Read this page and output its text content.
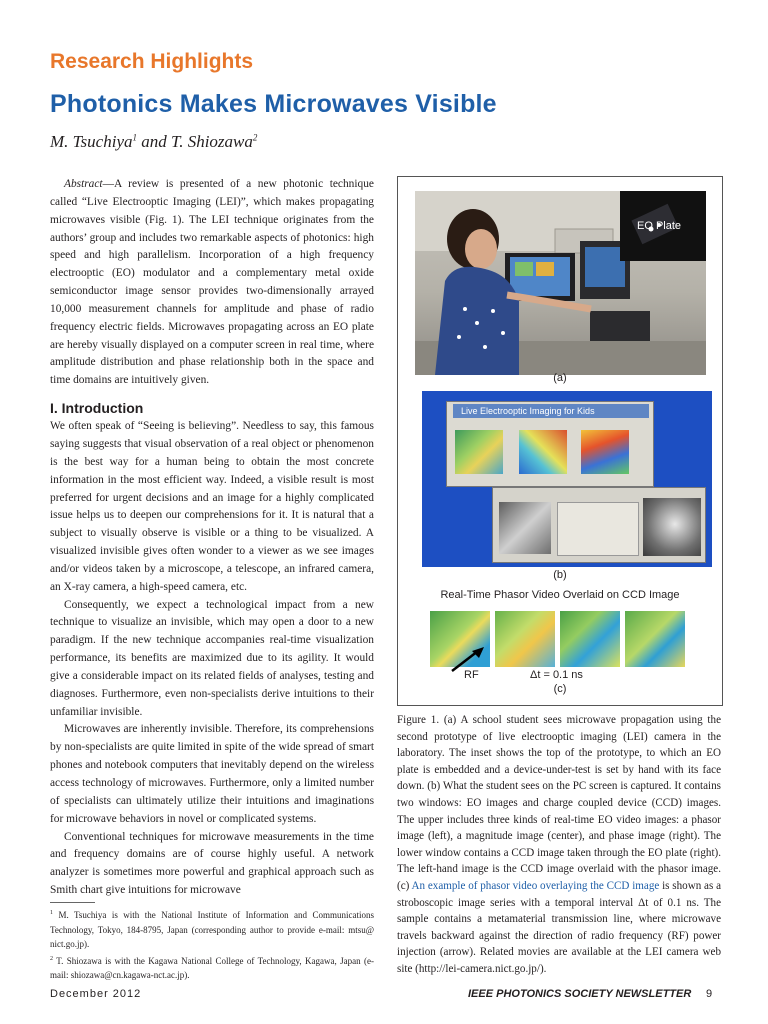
Research Highlights
Photonics Makes Microwaves Visible
M. Tsuchiya$^1$ and T. Shiozawa$^2$

Abstract—A review is presented of a new photonic technique called “Live Electrooptic Imaging (LEI)”, which makes propagating microwaves visible (Fig. 1). The LEI technique originates from the authors’ group and includes two remarkable aspects of photonics: high speed and high parallelism. Incorporation of a high frequency electrooptic (EO) modulator and a complementary metal oxide semiconductor image sensor provides two-dimensionally arrayed 10,000 measurement channels for amplitude and phase of radio frequency electric fields. Microwaves propagating across an EO plate are hereby visually displayed on a computer screen in real time, where amplitude distribution and phase relationship both in the space and time domains are intuitively given.

I. Introduction

We often speak of “Seeing is believing”. Needless to say, this famous saying suggests that visual observation of a real object or phenomenon is the best way for a human being to obtain the most concrete information in the most efficient way. Indeed, a visible result is most preferred for urgent decisions and an image for a highly complicated issue helps us to deepen our comprehensions for it. It is natural that a subject to visually observe is visible or a thing to be visualized. A visualized invisible gives often wonder to a viewer as we see images and/or videos taken by a microscope, a telescope, an infrared camera, an X-ray camera, a high-speed camera, etc.

Consequently, we expect a technological impact from a new technique to visualize an invisible, which may open a door to a new paradigm. If the new technique accompanies real-time visualization performance, its benefits are maximized due to its agility. It would give a considerable impact on its related fields of analyses, testing and diagnoses. Furthermore, even non-specialists derive intuitions to their unfamiliar invisible.

Microwaves are inherently invisible. Therefore, its comprehensions by non-specialists are quite limited in spite of the wide spread of smart phones and notebook computers that inevitably depend on the wireless access technology of microwaves. Furthermore, only a limited number of specialists can ultimately utilize their intuitions and imaginations for microwave behaviors in novel or complicated systems.

Conventional techniques for microwave measurements in the time and frequency domains are of course highly useful. A network analyzer is sometimes more powerful and graphical approach such as Smith chart give intuitions for microwave

$^1$ M. Tsuchiya is with the National Institute of Information and Communications Technology, Tokyo, 184-8795, Japan (corresponding author to provide e-mail: mtsu@ nict.go.jp).
$^2$ T. Shiozawa is with the Kagawa National College of Technology, Kagawa, Japan (e-mail: shiozawa@cn.kagawa-nct.ac.jp).
EO Plate
(a)
Live Electrooptic Imaging for Kids
(b)
Real-Time Phasor Video Overlaid on CCD Image
RF	Δt = 0.1 ns
(c)
Figure 1. (a) A school student sees microwave propagation using the second prototype of live electrooptic imaging (LEI) camera in the laboratory. The inset shows the top of the prototype, to which an EO plate is embedded and a device-under-test is set by hand with its face down. (b) What the student sees on the PC screen is captured. It contains two windows: EO images and charge coupled device (CCD) images. The upper includes three kinds of real-time EO video images: a phasor image (left), a magnitude image (center), and phase image (right). The lower window contains a CCD image taken through the EO plate (right). The left-hand image is the CCD image overlaid with the phasor image. (c) An example of phasor video overlaying the CCD image is shown as a stroboscopic image series with a temporal interval Δt of 0.1 ns. The sample contains a metamaterial transmission line, where microwave travels backward against the direction of radio frequency (RF) power injection (arrow). Related movies are available at the LEI camera web site (http://lei-camera.nict.go.jp/).
December 2012	IEEE PHOTONICS SOCIETY NEWSLETTER 9
